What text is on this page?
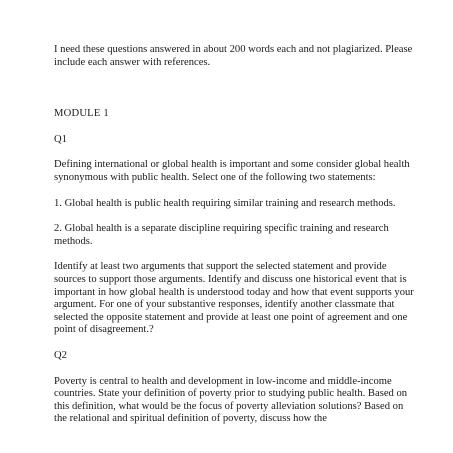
I need these questions answered in about 200 words each and not plagiarized. Please include each answer with references.

MODULE 1

Q1

Defining international or global health is important and some consider global health synonymous with public health. Select one of the following two statements:

1. Global health is public health requiring similar training and research methods.

2. Global health is a separate discipline requiring specific training and research methods.

Identify at least two arguments that support the selected statement and provide sources to support those arguments. Identify and discuss one historical event that is important in how global health is understood today and how that event supports your argument. For one of your substantive responses, identify another classmate that selected the opposite statement and provide at least one point of agreement and one point of disagreement.?

Q2

Poverty is central to health and development in low-income and middle-income countries. State your definition of poverty prior to studying public health. Based on this definition, what would be the focus of poverty alleviation solutions? Based on the relational and spiritual definition of poverty, discuss how the
